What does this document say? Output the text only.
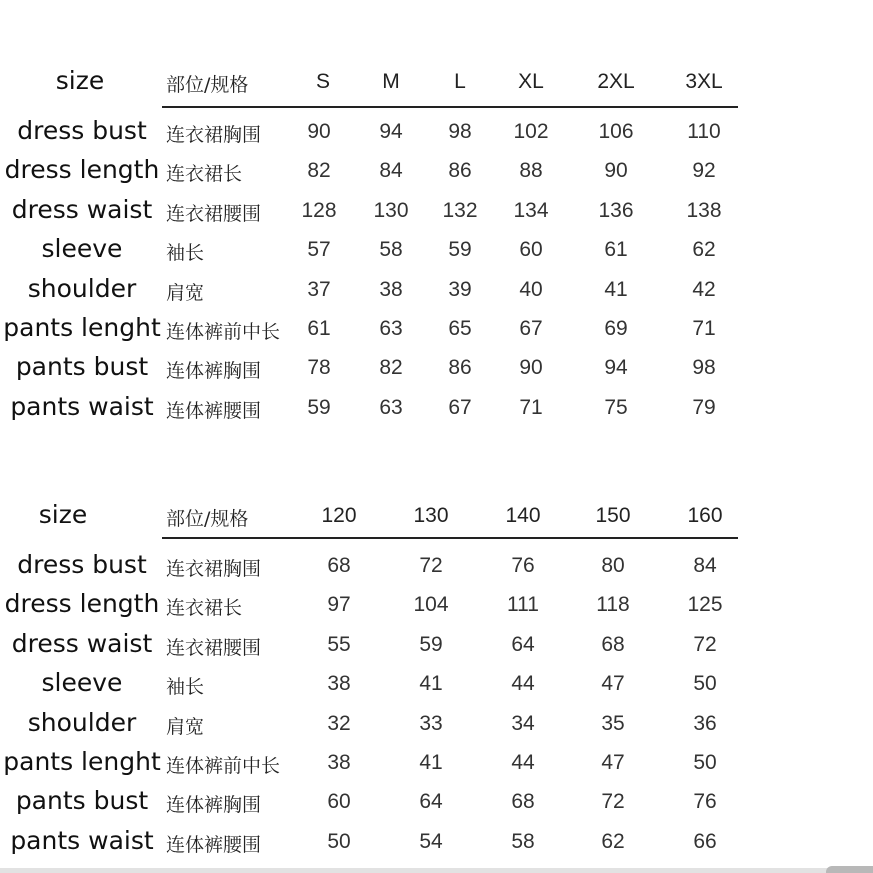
size	部位/规格	S	M	L	XL	2XL	3XL
dress bust	连衣裙胸围	90	94	98	102	106	110
dress length 连衣裙长	82	84	86	88	90	92
dress waist 连衣裙腰围	128	130	132	134	136	138
sleeve	袖长	57	58	59	60	61	62
shoulder	肩宽	37	38	39	40	41	42
pants lenght 连体裤前中长	61	63	65	67	69	71
pants bust 连体裤胸围	78	82	86	90	94	98
pants waist 连体裤腰围	59	63	67	71	75	79
size	部位/规格	120	130	140	150	160
dress bust	连衣裙胸围	68	72	76	80	84
dress length 连衣裙长	97	104	111	118	125
dress waist 连衣裙腰围	55	59	64	68	72
sleeve	袖长	38	41	44	47	50
shoulder	肩宽	32	33	34	35	36
pants lenght 连体裤前中长	38	41	44	47	50
pants bust 连体裤胸围	60	64	68	72	76
pants waist 连体裤腰围	50	54	58	62	66
